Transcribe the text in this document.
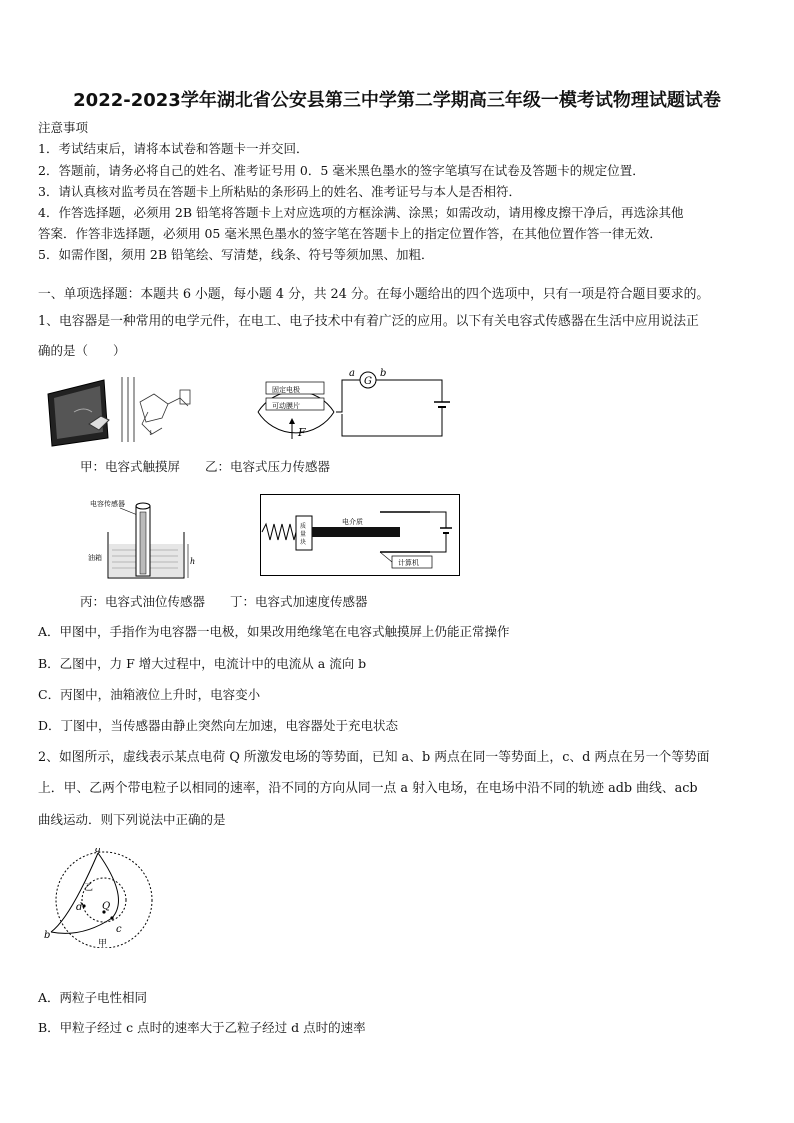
2022-2023学年湖北省公安县第三中学第二学期高三年级一模考试物理试题试卷
注意事项
1．考试结束后，请将本试卷和答题卡一并交回．
2．答题前，请务必将自己的姓名、准考证号用 0．5 毫米黑色墨水的签字笔填写在试卷及答题卡的规定位置．
3．请认真核对监考员在答题卡上所粘贴的条形码上的姓名、准考证号与本人是否相符．
4．作答选择题，必须用 2B 铅笔将答题卡上对应选项的方框涂满、涂黑；如需改动，请用橡皮擦干净后，再选涂其他
答案．作答非选择题，必须用 05 毫米黑色墨水的签字笔在答题卡上的指定位置作答，在其他位置作答一律无效．
5．如需作图，须用 2B 铅笔绘、写清楚，线条、符号等须加黑、加粗．
一、单项选择题：本题共 6 小题，每小题 4 分，共 24 分。在每小题给出的四个选项中，只有一项是符合题目要求的。
1、电容器是一种常用的电学元件，在电工、电子技术中有着广泛的应用。以下有关电容式传感器在生活中应用说法正
确的是（　　）
↓
固定电极
可动膜片
F
G
a	b
甲：电容式触摸屏　　乙：电容式压力传感器
电容传感器
油箱	h
质
量
块
电介质
计算机
丙：电容式油位传感器　　丁：电容式加速度传感器
A．甲图中，手指作为电容器一电极，如果改用绝缘笔在电容式触摸屏上仍能正常操作
B．乙图中，力 F 增大过程中，电流计中的电流从 a 流向 b
C．丙图中，油箱液位上升时，电容变小
D．丁图中，当传感器由静止突然向左加速，电容器处于充电状态
2、如图所示，虚线表示某点电荷 Q 所激发电场的等势面，已知 a、b 两点在同一等势面上，c、d 两点在另一个等势面
上．甲、乙两个带电粒子以相同的速率，沿不同的方向从同一点 a 射入电场，在电场中沿不同的轨迹 adb 曲线、acb
曲线运动．则下列说法中正确的是
a
b
c
d Q
乙
甲
A．两粒子电性相同
B．甲粒子经过 c 点时的速率大于乙粒子经过 d 点时的速率
